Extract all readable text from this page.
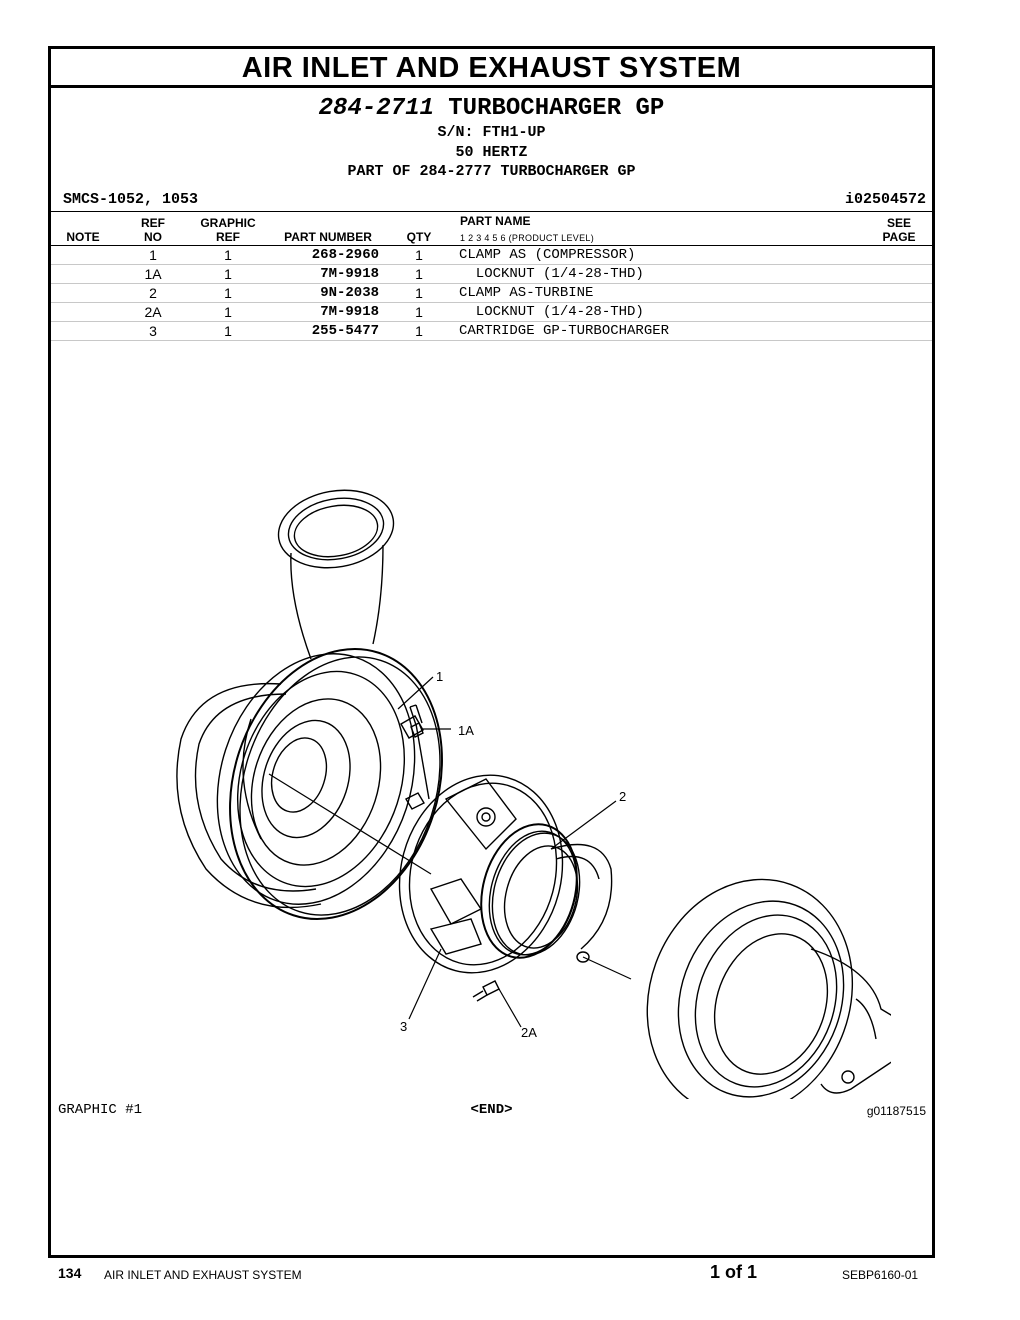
AIR INLET AND EXHAUST SYSTEM
284-2711 TURBOCHARGER GP
S/N: FTH1-UP
50 HERTZ
PART OF 284-2777 TURBOCHARGER GP
SMCS-1052, 1053	i02504572
NOTE
REF
NO
GRAPHIC
REF	PART NUMBER	QTY
PART NAME
1 2 3 4 5 6 (PRODUCT LEVEL)
SEE
PAGE
1	1	268-2960	1	CLAMP AS (COMPRESSOR)
1A	1	7M-9918	1	LOCKNUT (1/4-28-THD)
2	1	9N-2038	1	CLAMP AS-TURBINE
2A	1	7M-9918	1	LOCKNUT (1/4-28-THD)
3	1	255-5477	1	CARTRIDGE GP-TURBOCHARGER
1
1A
2
2A
3
GRAPHIC #1	<END>	g01187515
134 AIR INLET AND EXHAUST SYSTEM	1 of 1	SEBP6160-01
